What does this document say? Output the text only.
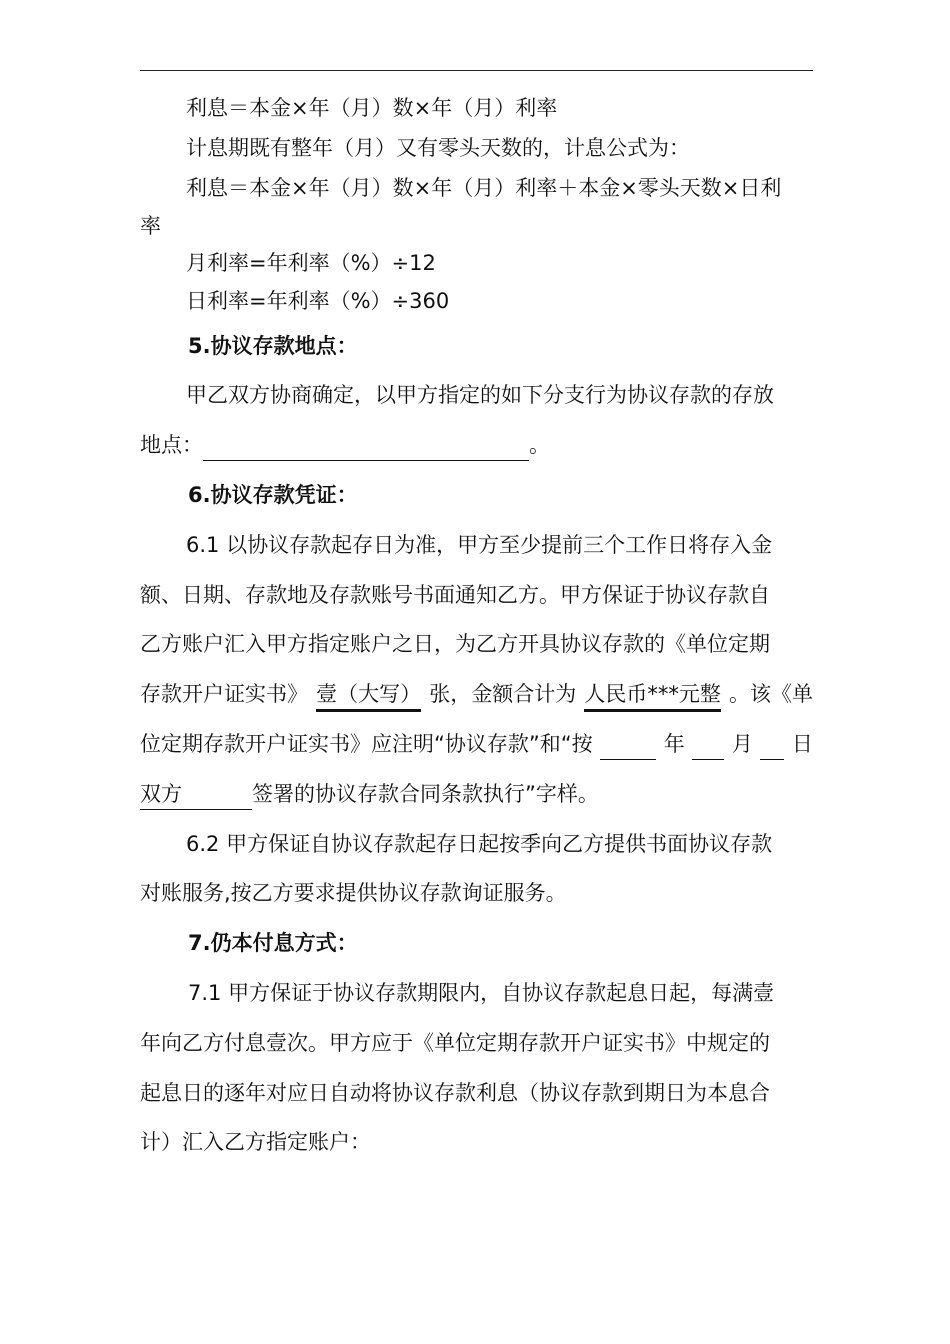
利息＝本金×年（月）数×年（月）利率
计息期既有整年（月）又有零头天数的，计息公式为：
利息＝本金×年（月）数×年（月）利率＋本金×零头天数×日利
率
月利率=年利率（%）÷12
日利率=年利率（%）÷360
5.协议存款地点：
甲乙双方协商确定，以甲方指定的如下分支行为协议存款的存放
地点：	。
6.协议存款凭证：
6.1 以协议存款起存日为准，甲方至少提前三个工作日将存入金
额、日期、存款地及存款账号书面通知乙方。甲方保证于协议存款自
乙方账户汇入甲方指定账户之日，为乙方开具协议存款的《单位定期
存款开户证实书》 壹（大写） 张，金额合计为 人民币***元整 。该《单
位定期存款开户证实书》应注明“协议存款”和“按	年 月 日
双方	签署的协议存款合同条款执行”字样。
6.2 甲方保证自协议存款起存日起按季向乙方提供书面协议存款
对账服务,按乙方要求提供协议存款询证服务。
7.仍本付息方式：
7.1 甲方保证于协议存款期限内，自协议存款起息日起，每满壹
年向乙方付息壹次。甲方应于《单位定期存款开户证实书》中规定的
起息日的逐年对应日自动将协议存款利息（协议存款到期日为本息合
计）汇入乙方指定账户：
